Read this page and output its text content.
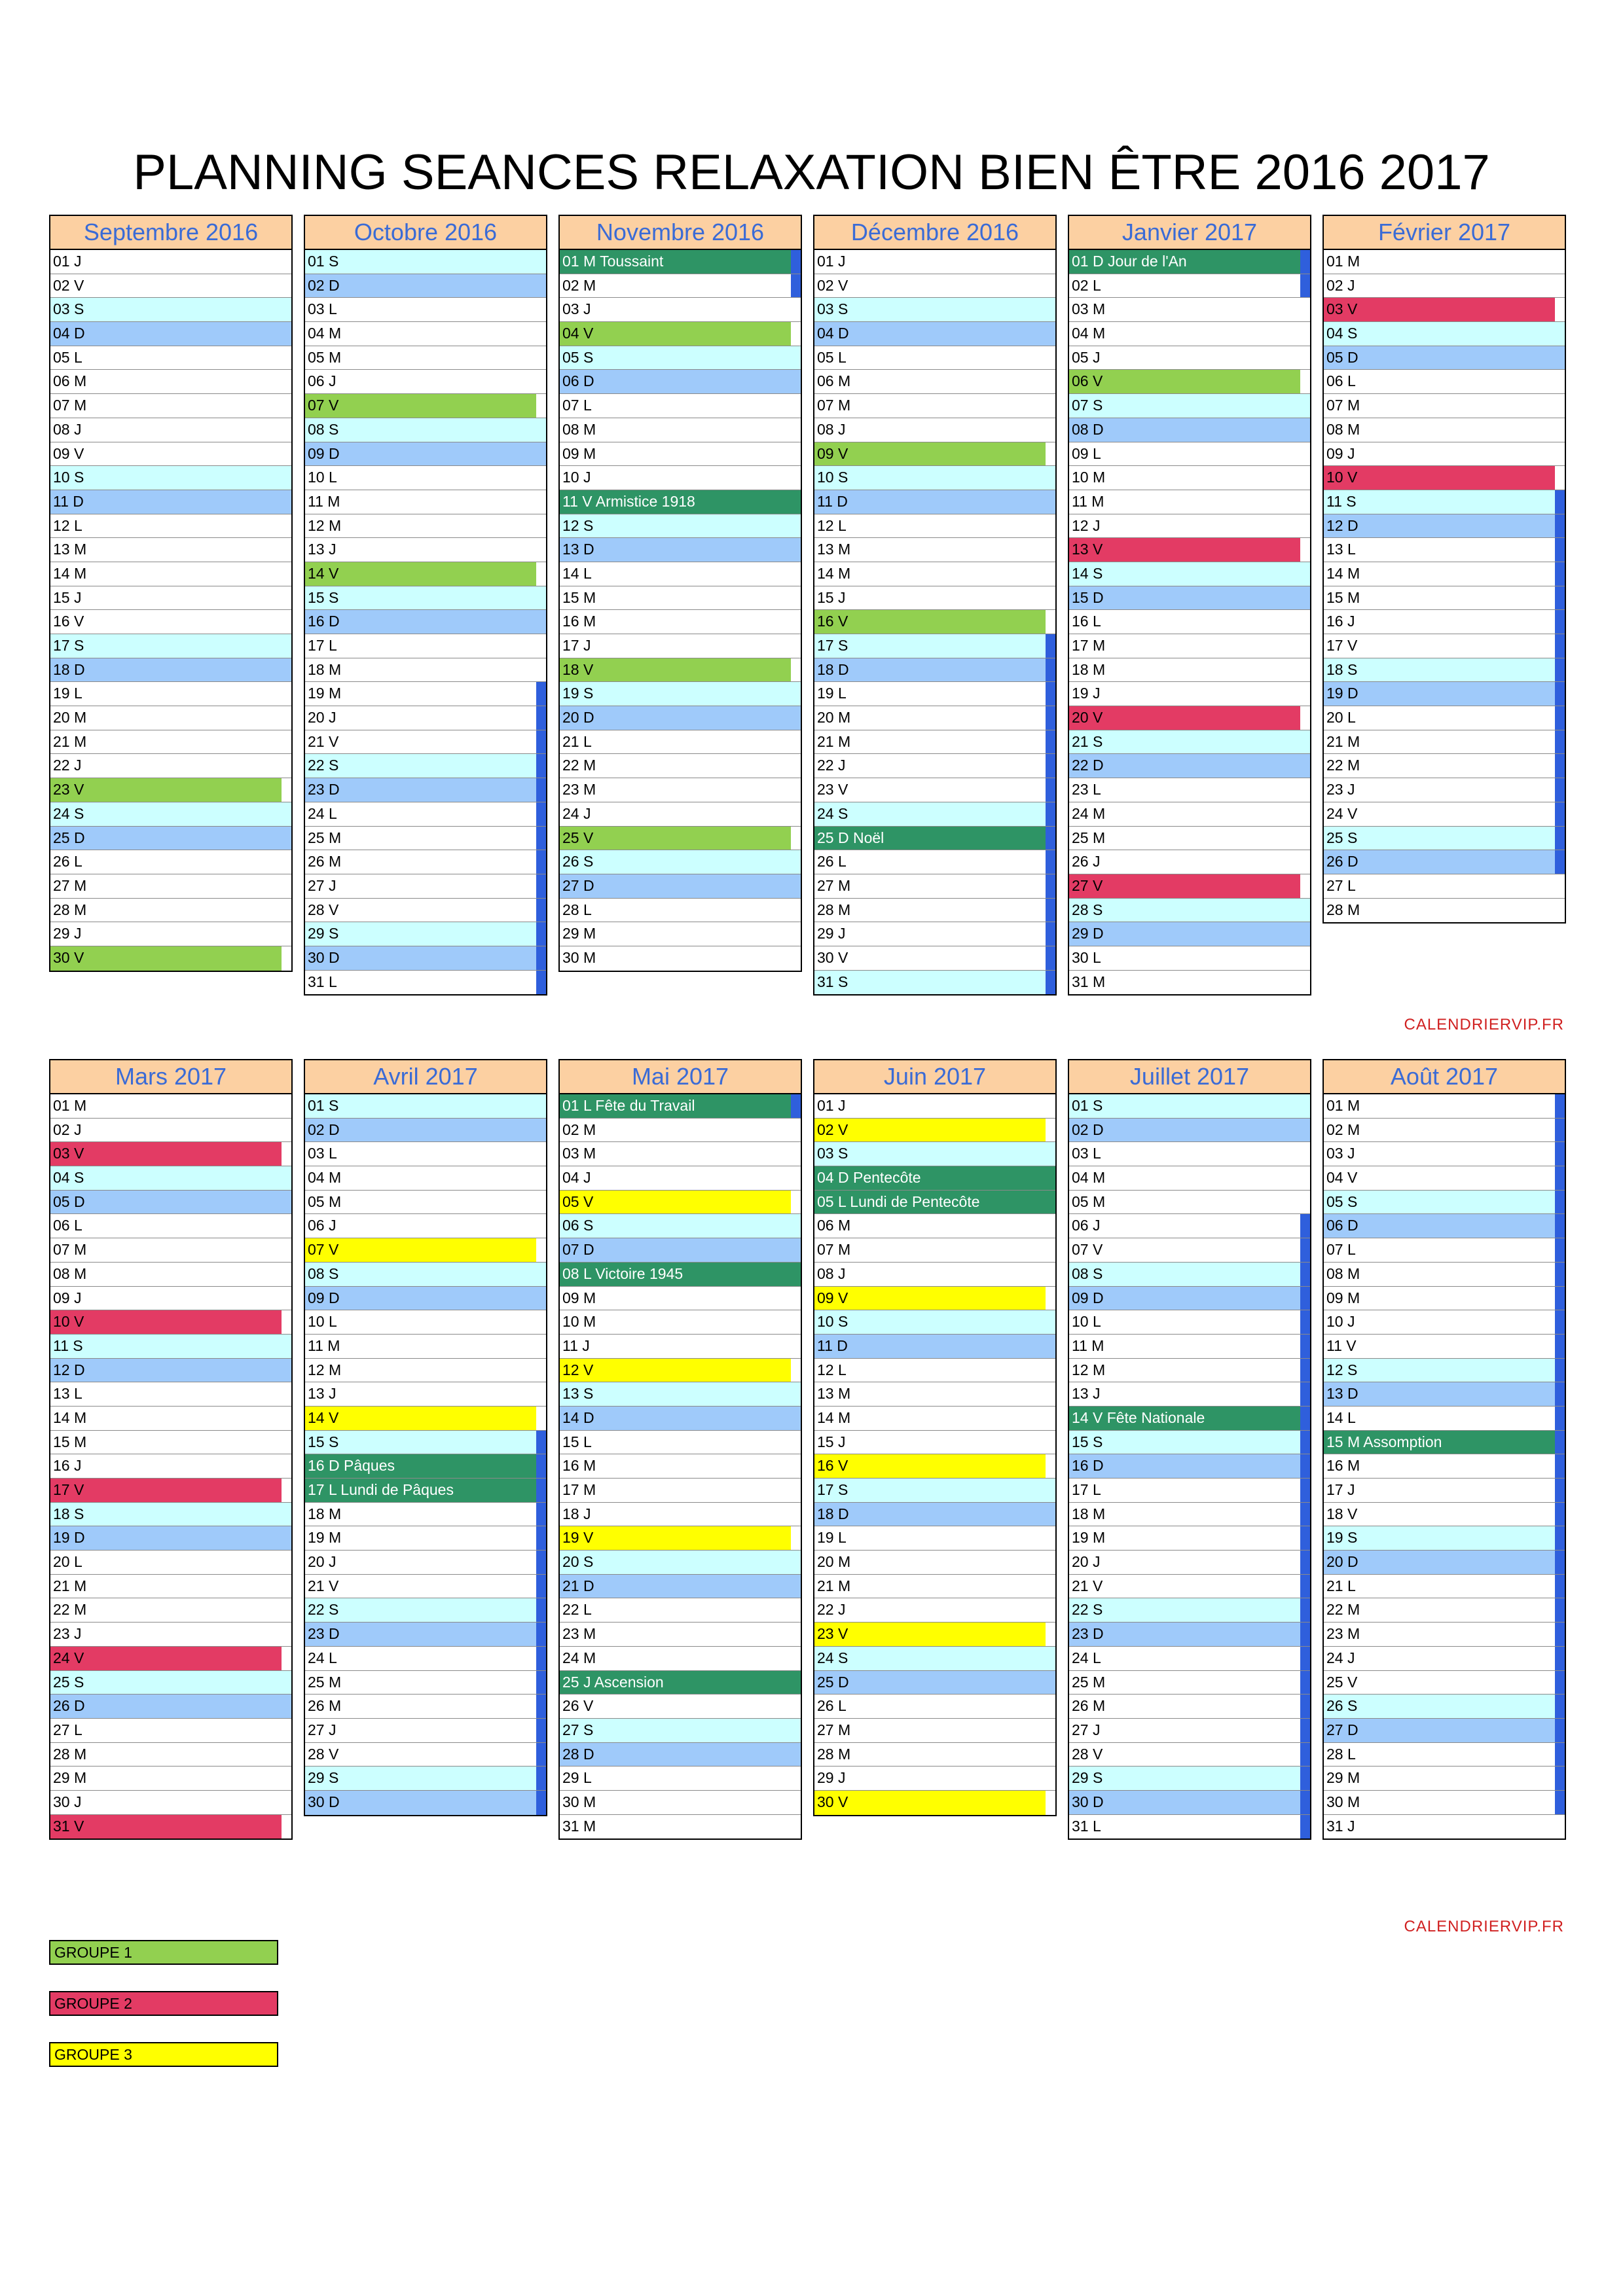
PLANNING SEANCES RELAXATION BIEN ÊTRE 2016 2017
Septembre 2016
01 J
02 V
03 S
04 D
05 L
06 M
07 M
08 J
09 V
10 S
11 D
12 L
13 M
14 M
15 J
16 V
17 S
18 D
19 L
20 M
21 M
22 J
23 V
24 S
25 D
26 L
27 M
28 M
29 J
30 V
Octobre 2016
01 S
02 D
03 L
04 M
05 M
06 J
07 V
08 S
09 D
10 L
11 M
12 M
13 J
14 V
15 S
16 D
17 L
18 M
19 M
20 J
21 V
22 S
23 D
24 L
25 M
26 M
27 J
28 V
29 S
30 D
31 L
Novembre 2016
01 M Toussaint
02 M
03 J
04 V
05 S
06 D
07 L
08 M
09 M
10 J
11 V Armistice 1918
12 S
13 D
14 L
15 M
16 M
17 J
18 V
19 S
20 D
21 L
22 M
23 M
24 J
25 V
26 S
27 D
28 L
29 M
30 M
Décembre 2016
01 J
02 V
03 S
04 D
05 L
06 M
07 M
08 J
09 V
10 S
11 D
12 L
13 M
14 M
15 J
16 V
17 S
18 D
19 L
20 M
21 M
22 J
23 V
24 S
25 D Noël
26 L
27 M
28 M
29 J
30 V
31 S
Janvier 2017
01 D Jour de l'An
02 L
03 M
04 M
05 J
06 V
07 S
08 D
09 L
10 M
11 M
12 J
13 V
14 S
15 D
16 L
17 M
18 M
19 J
20 V
21 S
22 D
23 L
24 M
25 M
26 J
27 V
28 S
29 D
30 L
31 M
Février 2017
01 M
02 J
03 V
04 S
05 D
06 L
07 M
08 M
09 J
10 V
11 S
12 D
13 L
14 M
15 M
16 J
17 V
18 S
19 D
20 L
21 M
22 M
23 J
24 V
25 S
26 D
27 L
28 M
Mars 2017
01 M
02 J
03 V
04 S
05 D
06 L
07 M
08 M
09 J
10 V
11 S
12 D
13 L
14 M
15 M
16 J
17 V
18 S
19 D
20 L
21 M
22 M
23 J
24 V
25 S
26 D
27 L
28 M
29 M
30 J
31 V
Avril 2017
01 S
02 D
03 L
04 M
05 M
06 J
07 V
08 S
09 D
10 L
11 M
12 M
13 J
14 V
15 S
16 D Pâques
17 L Lundi de Pâques
18 M
19 M
20 J
21 V
22 S
23 D
24 L
25 M
26 M
27 J
28 V
29 S
30 D
Mai 2017
01 L Fête du Travail
02 M
03 M
04 J
05 V
06 S
07 D
08 L Victoire 1945
09 M
10 M
11 J
12 V
13 S
14 D
15 L
16 M
17 M
18 J
19 V
20 S
21 D
22 L
23 M
24 M
25 J Ascension
26 V
27 S
28 D
29 L
30 M
31 M
Juin 2017
01 J
02 V
03 S
04 D Pentecôte
05 L Lundi de Pentecôte
06 M
07 M
08 J
09 V
10 S
11 D
12 L
13 M
14 M
15 J
16 V
17 S
18 D
19 L
20 M
21 M
22 J
23 V
24 S
25 D
26 L
27 M
28 M
29 J
30 V
Juillet 2017
01 S
02 D
03 L
04 M
05 M
06 J
07 V
08 S
09 D
10 L
11 M
12 M
13 J
14 V Fête Nationale
15 S
16 D
17 L
18 M
19 M
20 J
21 V
22 S
23 D
24 L
25 M
26 M
27 J
28 V
29 S
30 D
31 L
Août 2017
01 M
02 M
03 J
04 V
05 S
06 D
07 L
08 M
09 M
10 J
11 V
12 S
13 D
14 L
15 M Assomption
16 M
17 J
18 V
19 S
20 D
21 L
22 M
23 M
24 J
25 V
26 S
27 D
28 L
29 M
30 M
31 J
CALENDRIERVIP.FR
CALENDRIERVIP.FR
GROUPE 1
GROUPE 2
GROUPE 3
